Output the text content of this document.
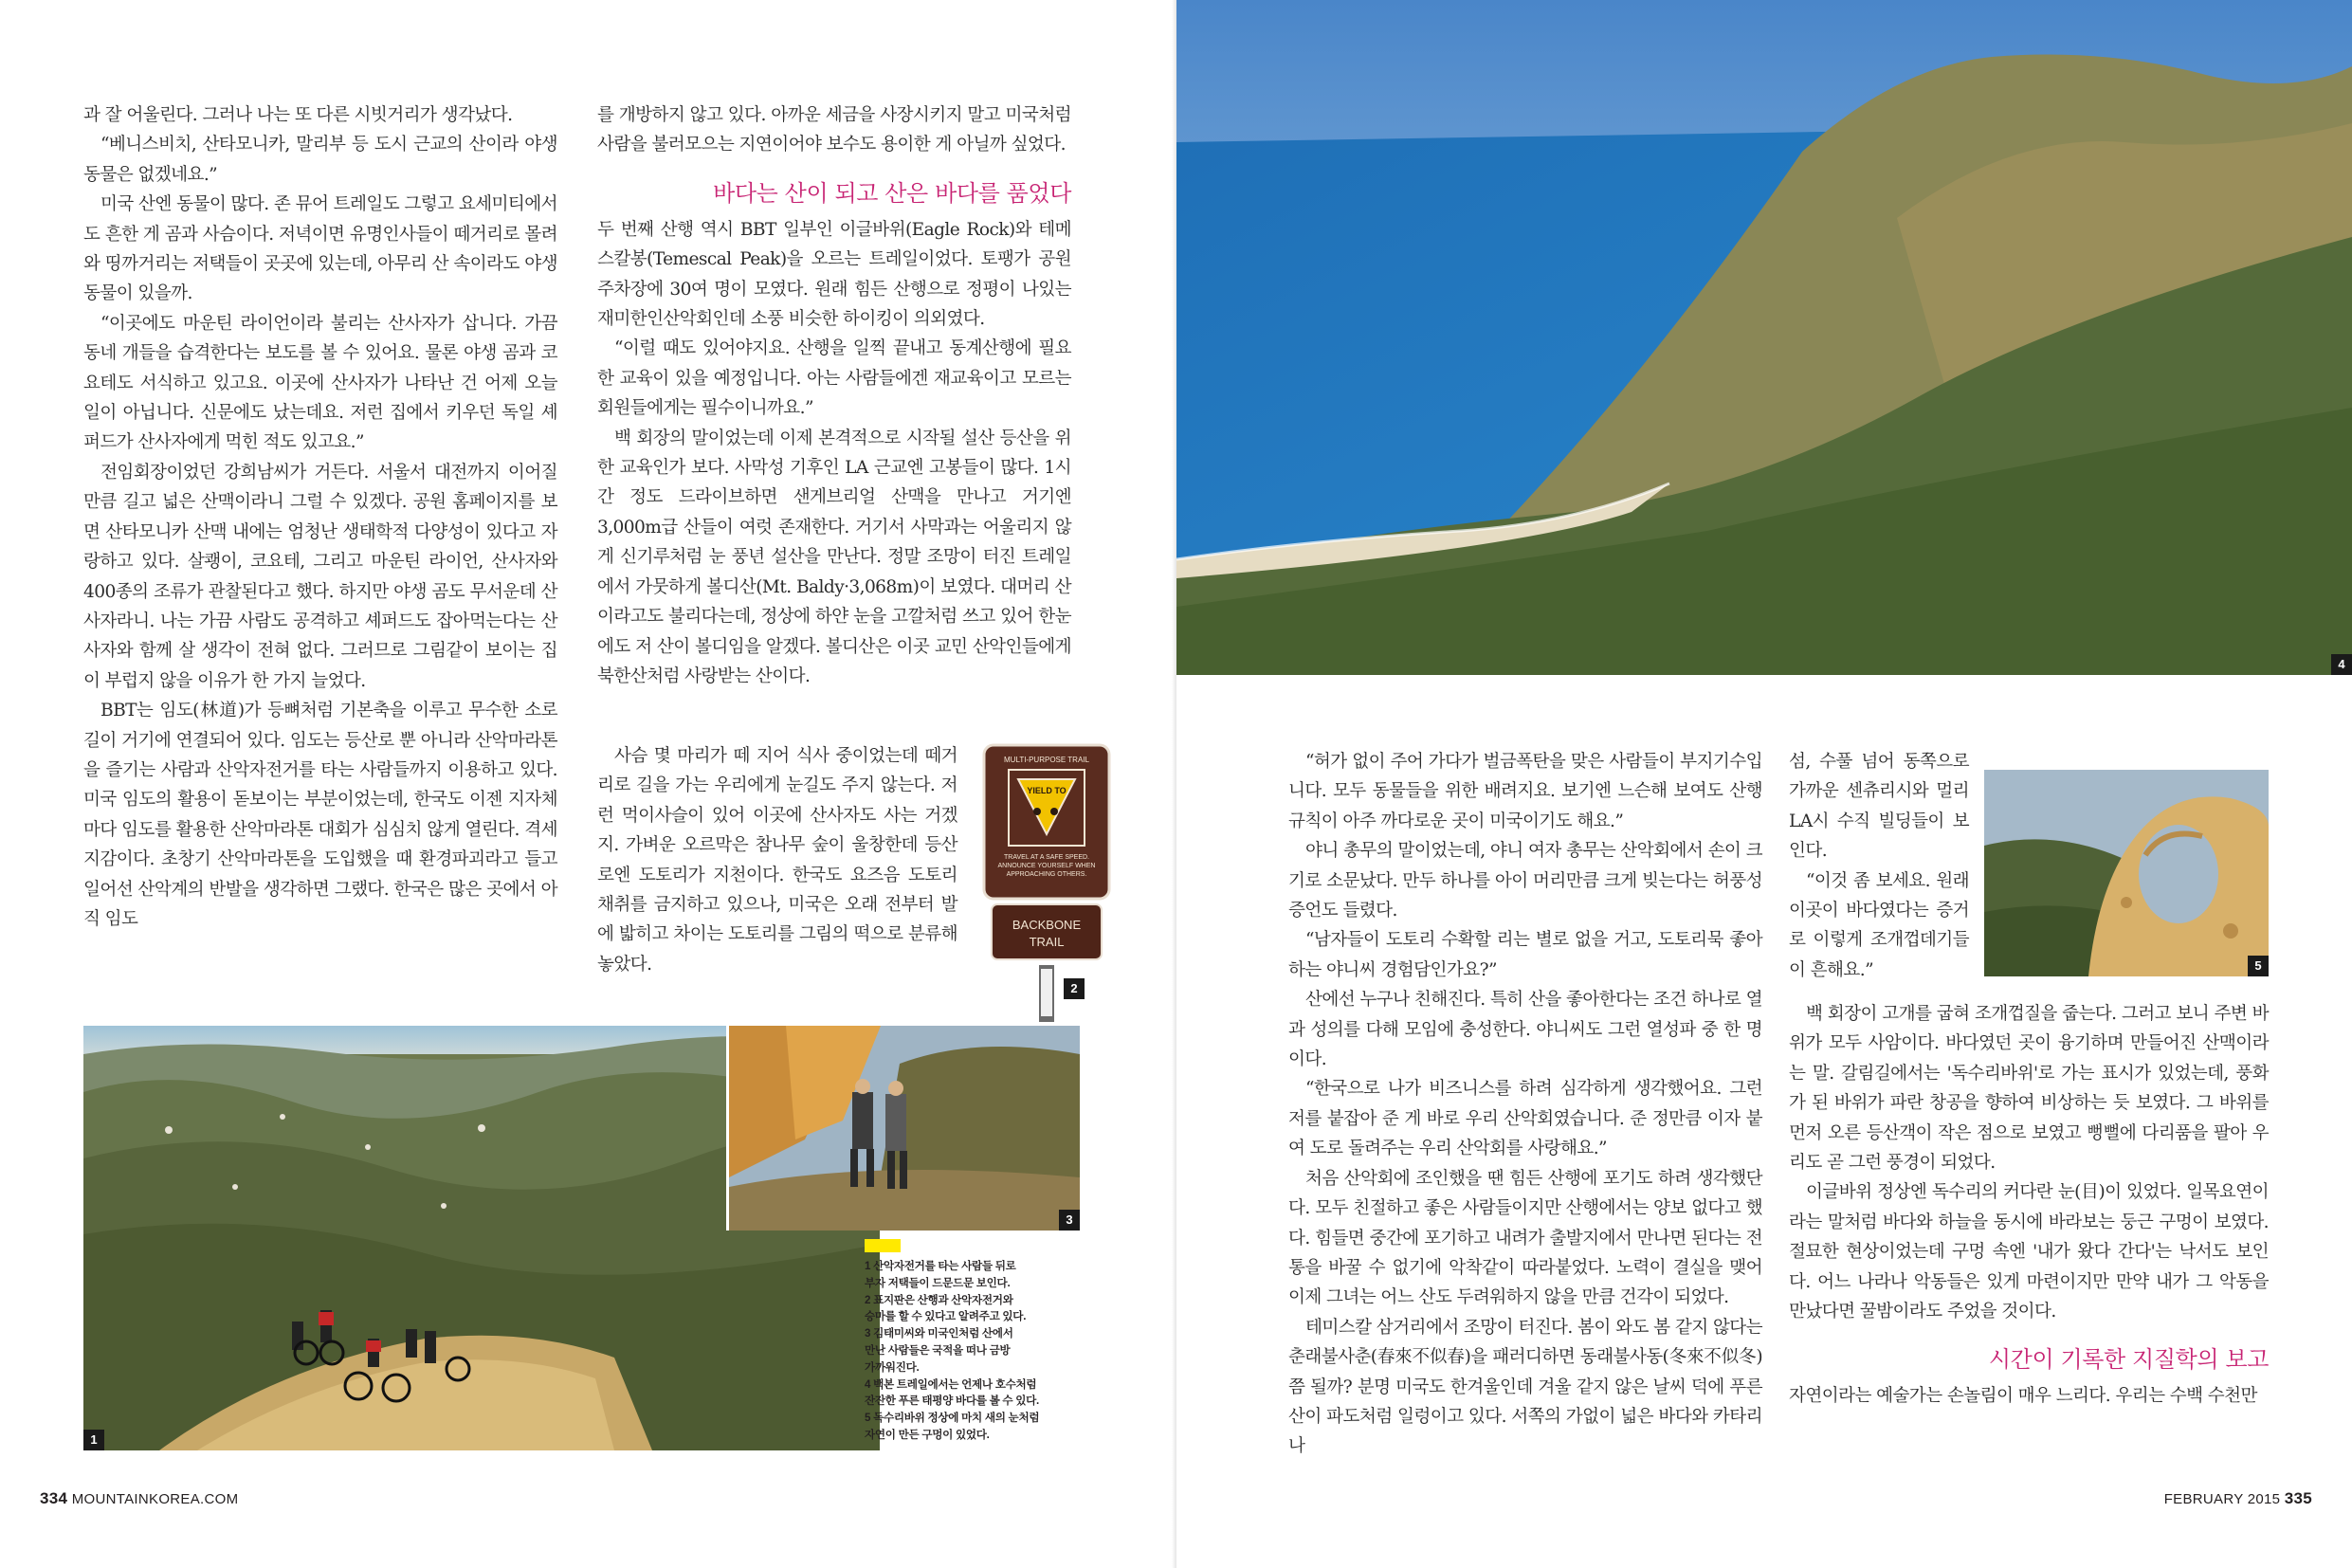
과 잘 어울린다. 그러나 나는 또 다른 시빗거리가 생각났다.

“베니스비치, 산타모니카, 말리부 등 도시 근교의 산이라 야생 동물은 없겠네요.”

미국 산엔 동물이 많다. 존 뮤어 트레일도 그렇고 요세미티에서도 흔한 게 곰과 사슴이다. 저녁이면 유명인사들이 떼거리로 몰려와 띵까거리는 저택들이 곳곳에 있는데, 아무리 산 속이라도 야생동물이 있을까.

“이곳에도 마운틴 라이언이라 불리는 산사자가 삽니다. 가끔 동네 개들을 습격한다는 보도를 볼 수 있어요. 물론 야생 곰과 코요테도 서식하고 있고요. 이곳에 산사자가 나타난 건 어제 오늘 일이 아닙니다. 신문에도 났는데요. 저런 집에서 키우던 독일 셰퍼드가 산사자에게 먹힌 적도 있고요.”

전임회장이었던 강희남씨가 거든다. 서울서 대전까지 이어질 만큼 길고 넓은 산맥이라니 그럴 수 있겠다. 공원 홈페이지를 보면 산타모니카 산맥 내에는 엄청난 생태학적 다양성이 있다고 자랑하고 있다. 살쾡이, 코요테, 그리고 마운틴 라이언, 산사자와 400종의 조류가 관찰된다고 했다. 하지만 야생 곰도 무서운데 산사자라니. 나는 가끔 사람도 공격하고 셰퍼드도 잡아먹는다는 산사자와 함께 살 생각이 전혀 없다. 그러므로 그림같이 보이는 집이 부럽지 않을 이유가 한 가지 늘었다.

BBT는 임도(林道)가 등뼈처럼 기본축을 이루고 무수한 소로길이 거기에 연결되어 있다. 임도는 등산로 뿐 아니라 산악마라톤을 즐기는 사람과 산악자전거를 타는 사람들까지 이용하고 있다. 미국 임도의 활용이 돋보이는 부분이었는데, 한국도 이젠 지자체마다 임도를 활용한 산악마라톤 대회가 심심치 않게 열린다. 격세지감이다. 초창기 산악마라톤을 도입했을 때 환경파괴라고 들고 일어선 산악계의 반발을 생각하면 그랬다. 한국은 많은 곳에서 아직 임도

를 개방하지 않고 있다. 아까운 세금을 사장시키지 말고 미국처럼 사람을 불러모으는 지연이어야 보수도 용이한 게 아닐까 싶었다.

바다는 산이 되고 산은 바다를 품었다

두 번째 산행 역시 BBT 일부인 이글바위(Eagle Rock)와 테메스칼봉(Temescal Peak)을 오르는 트레일이었다. 토팽가 공원 주차장에 30여 명이 모였다. 원래 힘든 산행으로 정평이 나있는 재미한인산악회인데 소풍 비슷한 하이킹이 의외였다.

“이럴 때도 있어야지요. 산행을 일찍 끝내고 동계산행에 필요한 교육이 있을 예정입니다. 아는 사람들에겐 재교육이고 모르는 회원들에게는 필수이니까요.”

백 회장의 말이었는데 이제 본격적으로 시작될 설산 등산을 위한 교육인가 보다. 사막성 기후인 LA 근교엔 고봉들이 많다. 1시간 정도 드라이브하면 샌게브리얼 산맥을 만나고 거기엔 3,000m급 산들이 여럿 존재한다. 거기서 사막과는 어울리지 않게 신기루처럼 눈 풍년 설산을 만난다. 정말 조망이 터진 트레일에서 가뭇하게 볼디산(Mt. Baldy·3,068m)이 보였다. 대머리 산이라고도 불리다는데, 정상에 하얀 눈을 고깔처럼 쓰고 있어 한눈에도 저 산이 볼디임을 알겠다. 볼디산은 이곳 교민 산악인들에게 북한산처럼 사랑받는 산이다.

사슴 몇 마리가 떼 지어 식사 중이었는데 떼거리로 길을 가는 우리에게 눈길도 주지 않는다. 저런 먹이사슬이 있어 이곳에 산사자도 사는 거겠지. 가벼운 오르막은 참나무 숲이 울창한데 등산로엔 도토리가 지천이다. 한국도 요즈음 도토리 채취를 금지하고 있으나, 미국은 오래 전부터 발에 밟히고 차이는 도토리를 그림의 떡으로 분류해 놓았다.

MULTI-PURPOSE TRAIL
YIELD TO
TRAVEL AT A SAFE SPEED. ANNOUNCE YOURSELF WHEN APPROACHING OTHERS.
BACKBONE
TRAIL
2
1
3
1 산악자전거를 타는 사람들 뒤로
부자 저택들이 드문드문 보인다.
2 표지판은 산행과 산악자전거와
승마를 할 수 있다고 알려주고 있다.
3 김태미씨와 미국인처럼 산에서
만난 사람들은 국적을 떠나 금방
가까워진다.
4 백본 트레일에서는 언제나 호수처럼
잔잔한 푸른 태평양 바다를 볼 수 있다.
5 독수리바위 정상에 마치 새의 눈처럼
자연이 만든 구멍이 있었다.
334 MOUNTAINKOREA.COM
4

“허가 없이 주어 가다가 벌금폭탄을 맞은 사람들이 부지기수입니다. 모두 동물들을 위한 배려지요. 보기엔 느슨해 보여도 산행규칙이 아주 까다로운 곳이 미국이기도 해요.”

야니 총무의 말이었는데, 야니 여자 총무는 산악회에서 손이 크기로 소문났다. 만두 하나를 아이 머리만큼 크게 빚는다는 허풍성 증언도 들렸다.

“남자들이 도토리 수확할 리는 별로 없을 거고, 도토리묵 좋아하는 야니씨 경험담인가요?”

산에선 누구나 친해진다. 특히 산을 좋아한다는 조건 하나로 열과 성의를 다해 모임에 충성한다. 야니씨도 그런 열성파 중 한 명이다.

“한국으로 나가 비즈니스를 하려 심각하게 생각했어요. 그런 저를 붙잡아 준 게 바로 우리 산악회였습니다. 준 정만큼 이자 붙여 도로 돌려주는 우리 산악회를 사랑해요.”

처음 산악회에 조인했을 땐 힘든 산행에 포기도 하려 생각했단다. 모두 친절하고 좋은 사람들이지만 산행에서는 양보 없다고 했다. 힘들면 중간에 포기하고 내려가 출발지에서 만나면 된다는 전통을 바꿀 수 없기에 악착같이 따라붙었다. 노력이 결실을 맺어 이제 그녀는 어느 산도 두려워하지 않을 만큼 건각이 되었다.

테미스칼 삼거리에서 조망이 터진다. 봄이 와도 봄 같지 않다는 춘래불사춘(春來不似春)을 패러디하면 동래불사동(冬來不似冬)쯤 될까? 분명 미국도 한겨울인데 겨울 같지 않은 날씨 덕에 푸른 산이 파도처럼 일렁이고 있다. 서쪽의 가없이 넓은 바다와 카타리나

섬, 수풀 넘어 동쪽으로 가까운 센츄리시와 멀리 LA시 수직 빌딩들이 보인다.

“이것 좀 보세요. 원래 이곳이 바다였다는 증거로 이렇게 조개껍데기들이 흔해요.”	5

백 회장이 고개를 굽혀 조개껍질을 줍는다. 그러고 보니 주변 바위가 모두 사암이다. 바다였던 곳이 융기하며 만들어진 산맥이라는 말. 갈림길에서는 '독수리바위'로 가는 표시가 있었는데, 풍화가 된 바위가 파란 창공을 향하여 비상하는 듯 보였다. 그 바위를 먼저 오른 등산객이 작은 점으로 보였고 뻥뻘에 다리품을 팔아 우리도 곧 그런 풍경이 되었다.

이글바위 정상엔 독수리의 커다란 눈(目)이 있었다. 일목요연이라는 말처럼 바다와 하늘을 동시에 바라보는 둥근 구멍이 보였다. 절묘한 현상이었는데 구멍 속엔 '내가 왔다 간다'는 낙서도 보인다. 어느 나라나 악동들은 있게 마련이지만 만약 내가 그 악동을 만났다면 꿀밤이라도 주었을 것이다.

시간이 기록한 지질학의 보고

자연이라는 예술가는 손놀림이 매우 느리다. 우리는 수백 수천만

FEBRUARY 2015 335
